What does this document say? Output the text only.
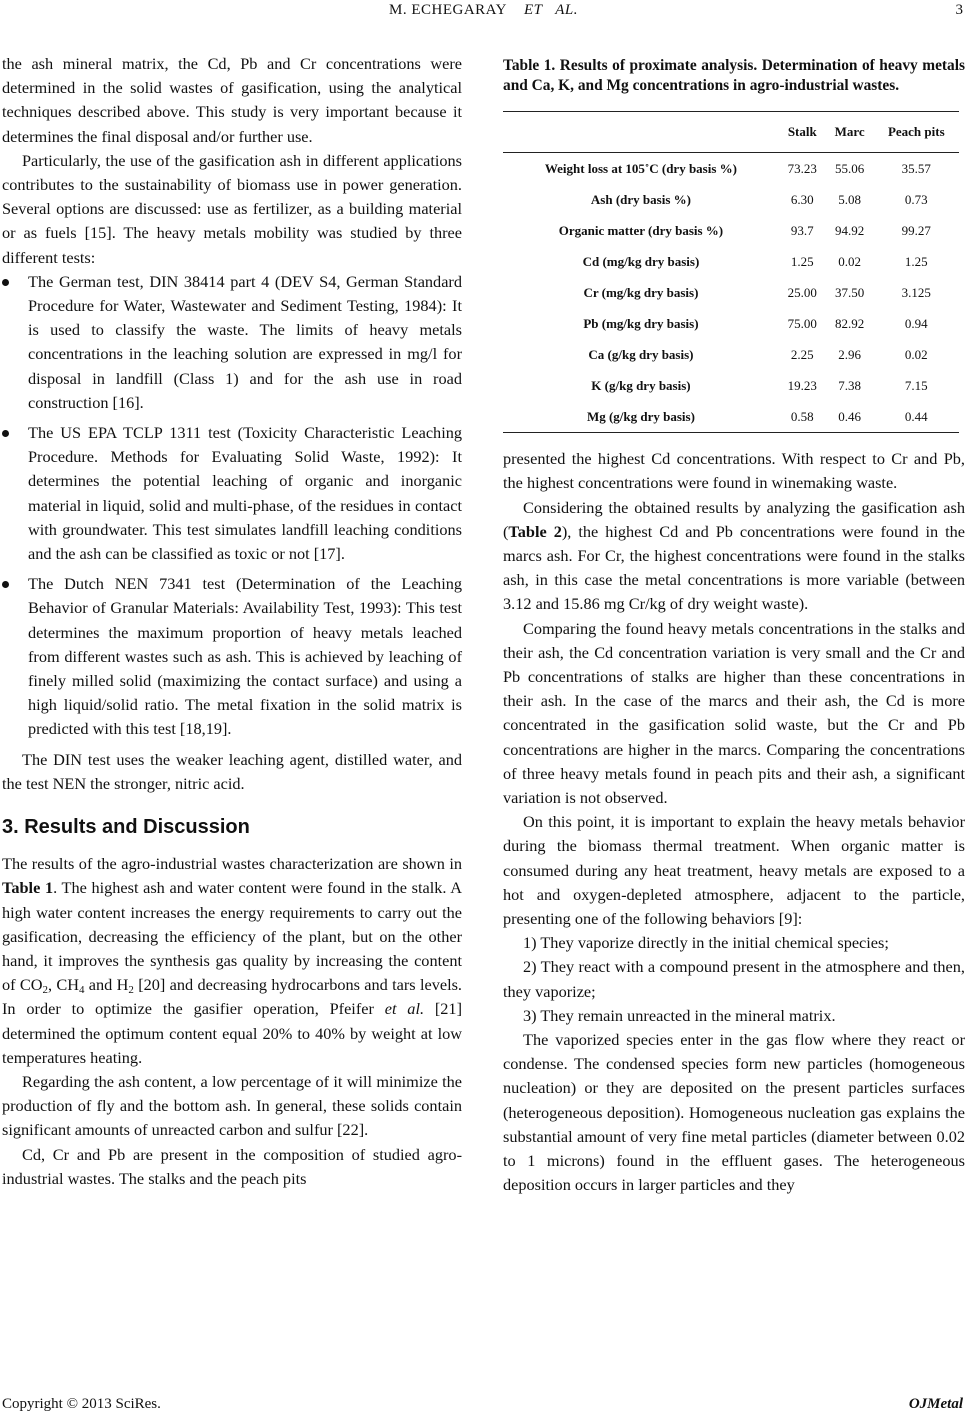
M. ECHEGARAY ET AL.	3

the ash mineral matrix, the Cd, Pb and Cr concentrations were determined in the solid wastes of gasification, using the analytical techniques described above. This study is very important because it determines the final disposal and/or further use.

Particularly, the use of the gasification ash in different applications contributes to the sustainability of biomass use in power generation. Several options are discussed: use as fertilizer, as a building material or as fuels [15]. The heavy metals mobility was studied by three different tests:

The German test, DIN 38414 part 4 (DEV S4, German Standard Procedure for Water, Wastewater and Sediment Testing, 1984): It is used to classify the waste. The limits of heavy metals concentrations in the leaching solution are expressed in mg/l for disposal in landfill (Class 1) and for the ash use in road construction [16].
The US EPA TCLP 1311 test (Toxicity Characteristic Leaching Procedure. Methods for Evaluating Solid Waste, 1992): It determines the potential leaching of organic and inorganic material in liquid, solid and multi-phase, of the residues in contact with groundwater. This test simulates landfill leaching conditions and the ash can be classified as toxic or not [17].
The Dutch NEN 7341 test (Determination of the Leaching Behavior of Granular Materials: Availability Test, 1993): This test determines the maximum proportion of heavy metals leached from different wastes such as ash. This is achieved by leaching of finely milled solid (maximizing the contact surface) and using a high liquid/solid ratio. The metal fixation in the solid matrix is predicted with this test [18,19].

The DIN test uses the weaker leaching agent, distilled water, and the test NEN the stronger, nitric acid.

3. Results and Discussion

The results of the agro-industrial wastes characterization are shown in Table 1. The highest ash and water content were found in the stalk. A high water content increases the energy requirements to carry out the gasification, decreasing the efficiency of the plant, but on the other hand, it improves the synthesis gas quality by increasing the content of $CO_2$, $CH_4$ and $H_2$ [20] and decreasing hydrocarbons and tars levels. In order to optimize the gasifier operation, Pfeifer et al. [21] determined the optimum content equal 20% to 40% by weight at low temperatures heating.

Regarding the ash content, a low percentage of it will minimize the production of fly and the bottom ash. In general, these solids contain significant amounts of unreacted carbon and sulfur [22].

Cd, Cr and Pb are present in the composition of studied agro-industrial wastes. The stalks and the peach pits

Table 1. Results of proximate analysis. Determination of heavy metals and Ca, K, and Mg concentrations in agro-industrial wastes.
	Stalk	Marc	Peach pits
Weight loss at 105˚C (dry basis %)	73.23	55.06	35.57
Ash (dry basis %)	6.30	5.08	0.73
Organic matter (dry basis %)	93.7	94.92	99.27
Cd (mg/kg dry basis)	1.25	0.02	1.25
Cr (mg/kg dry basis)	25.00	37.50	3.125
Pb (mg/kg dry basis)	75.00	82.92	0.94
Ca (g/kg dry basis)	2.25	2.96	0.02
K (g/kg dry basis)	19.23	7.38	7.15
Mg (g/kg dry basis)	0.58	0.46	0.44

presented the highest Cd concentrations. With respect to Cr and Pb, the highest concentrations were found in winemaking waste.

Considering the obtained results by analyzing the gasification ash (Table 2), the highest Cd and Pb concentrations were found in the marcs ash. For Cr, the highest concentrations were found in the stalks ash, in this case the metal concentrations is more variable (between 3.12 and 15.86 mg Cr/kg of dry weight waste).

Comparing the found heavy metals concentrations in the stalks and their ash, the Cd concentration variation is very small and the Cr and Pb concentrations of stalks are higher than these concentrations in their ash. In the case of the marcs and their ash, the Cd is more concentrated in the gasification solid waste, but the Cr and Pb concentrations are higher in the marcs. Comparing the concentrations of three heavy metals found in peach pits and their ash, a significant variation is not observed.

On this point, it is important to explain the heavy metals behavior during the biomass thermal treatment. When organic matter is consumed during any heat treatment, heavy metals are exposed to a hot and oxygen-depleted atmosphere, adjacent to the particle, presenting one of the following behaviors [9]:

1) They vaporize directly in the initial chemical species;

2) They react with a compound present in the atmosphere and then, they vaporize;

3) They remain unreacted in the mineral matrix.

The vaporized species enter in the gas flow where they react or condense. The condensed species form new particles (homogeneous nucleation) or they are deposited on the present particles surfaces (heterogeneous deposition). Homogeneous nucleation gas explains the substantial amount of very fine metal particles (diameter between 0.02 to 1 microns) found in the effluent gases. The heterogeneous deposition occurs in larger particles and they

Copyright © 2013 SciRes.	OJMetal
